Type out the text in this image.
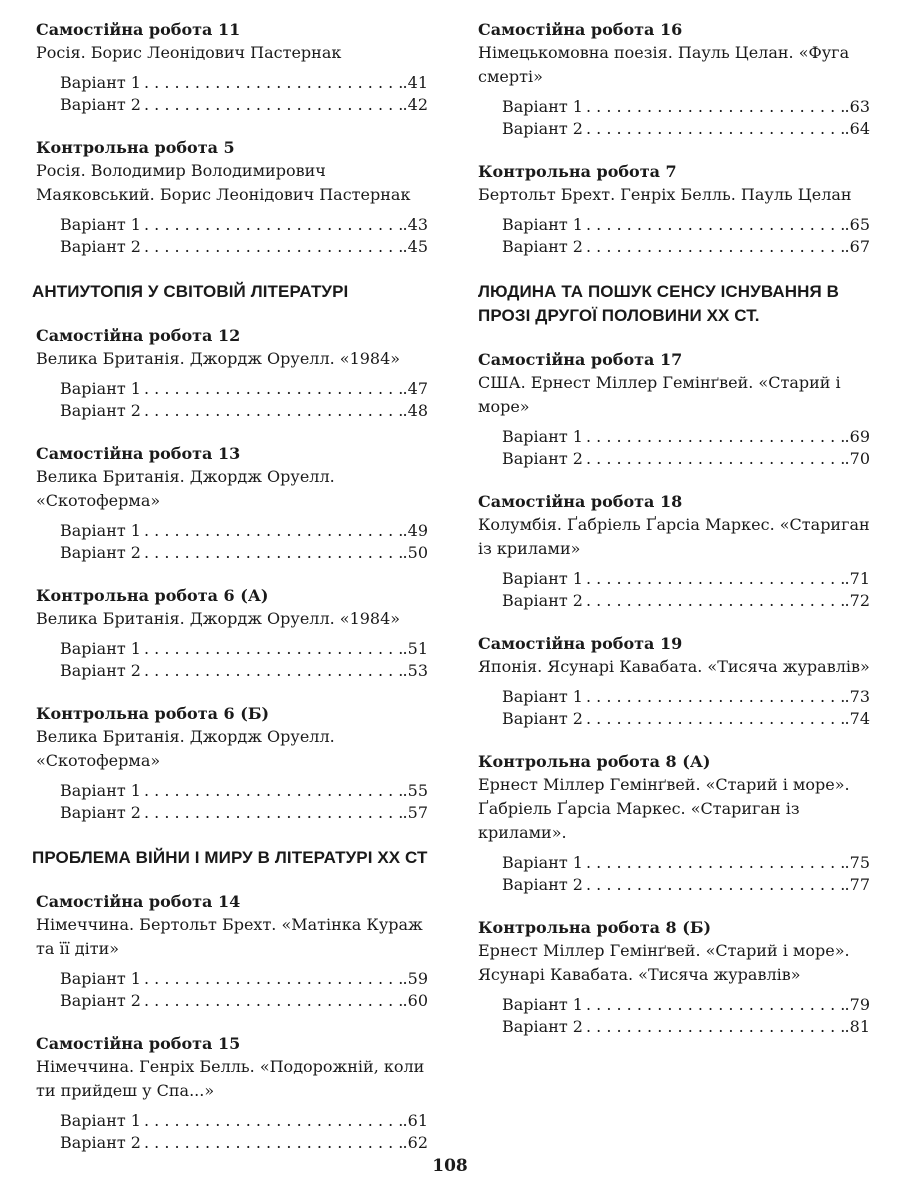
Самостійна робота 11
Росія. Борис Леонідович Пастернак
Варіант 1 . . .	.41
Варіант 2 . . .	.42
Контрольна робота 5
Росія. Володимир Володимирович Маяковський. Борис Леонідович Пастернак
Варіант 1 . . .	.43
Варіант 2 . . .	.45
АНТИУТОПІЯ У СВІТОВІЙ ЛІТЕРАТУРІ
Самостійна робота 12
Велика Британія. Джордж Оруелл. «1984»
Варіант 1 . . .	.47
Варіант 2 . . .	.48
Самостійна робота 13
Велика Британія. Джордж Оруелл. «Скотоферма»
Варіант 1 . . .	.49
Варіант 2 . . .	.50
Контрольна робота 6 (А)
Велика Британія. Джордж Оруелл. «1984»
Варіант 1 . . .	.51
Варіант 2 . . .	.53
Контрольна робота 6 (Б)
Велика Британія. Джордж Оруелл. «Скотоферма»
Варіант 1 . . .	.55
Варіант 2 . . .	.57
ПРОБЛЕМА ВІЙНИ І МИРУ В ЛІТЕРАТУРІ ХХ СТ
Самостійна робота 14
Німеччина. Бертольт Брехт. «Матінка Кураж та її діти»
Варіант 1 . . .	.59
Варіант 2 . . .	.60
Самостійна робота 15
Німеччина. Генріх Белль. «Подорожній, коли ти прийдеш у Спа...»
Варіант 1 . . .	.61
Варіант 2 . . .	.62
Самостійна робота 16
Німецькомовна поезія. Пауль Целан. «Фуга смерті»
Варіант 1 . . .	.63
Варіант 2 . . .	.64
Контрольна робота 7
Бертольт Брехт. Генріх Белль. Пауль Целан
Варіант 1 . . .	.65
Варіант 2 . . .	.67
ЛЮДИНА ТА ПОШУК СЕНСУ ІСНУВАННЯ В ПРОЗІ ДРУГОЇ ПОЛОВИНИ ХХ СТ.
Самостійна робота 17
США. Ернест Міллер Гемінґвей. «Старий і море»
Варіант 1 . . .	.69
Варіант 2 . . .	.70
Самостійна робота 18
Колумбія. Ґабріель Ґарсіа Маркес. «Стариган із крилами»
Варіант 1 . . .	.71
Варіант 2 . . .	.72
Самостійна робота 19
Японія. Ясунарі Кавабата. «Тисяча журавлів»
Варіант 1 . . .	.73
Варіант 2 . . .	.74
Контрольна робота 8 (А)
Ернест Міллер Гемінґвей. «Старий і море». Ґабріель Ґарсіа Маркес. «Стариган із крилами».
Варіант 1 . . .	.75
Варіант 2 . . .	.77
Контрольна робота 8 (Б)
Ернест Міллер Гемінґвей. «Старий і море». Ясунарі Кавабата. «Тисяча журавлів»
Варіант 1 . . .	.79
Варіант 2 . . .	.81
108
